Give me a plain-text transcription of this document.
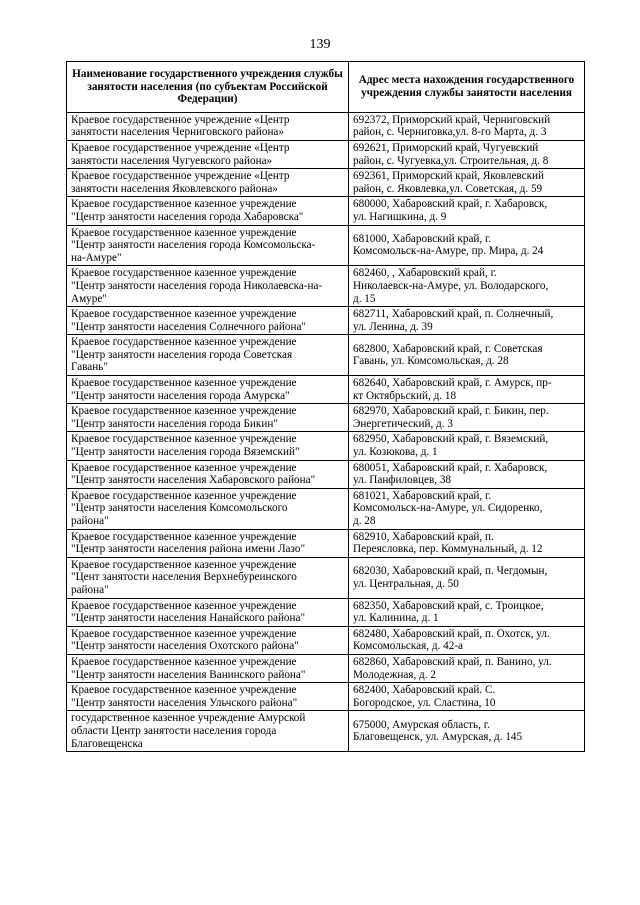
139
Наименование государственного учреждения службы занятости населения (по субъектам Российской Федерации)	Адрес места нахождения государственного учреждения службы занятости населения
Краевое государственное учреждение «Центр
занятости населения Черниговского района»	692372, Приморский край, Черниговский
район, с. Черниговка,ул. 8-го Марта, д. 3
Краевое государственное учреждение «Центр
занятости населения Чугуевского района»	692621, Приморский край, Чугуевский
район, с. Чугуевка,ул. Строительная, д. 8
Краевое государственное учреждение «Центр
занятости населения Яковлевского района»	692361, Приморский край, Яковлевский
район, с. Яковлевка,ул. Советская, д. 59
Краевое государственное казенное учреждение
"Центр занятости населения города Хабаровска"	680000, Хабаровский край, г. Хабаровск,
ул. Нагишкина, д. 9
Краевое государственное казенное учреждение
"Центр занятости населения города Комсомольска-
на-Амуре"	681000, Хабаровский край, г.
Комсомольск-на-Амуре, пр. Мира, д. 24
Краевое государственное казенное учреждение
"Центр занятости населения города Николаевска-на-
Амуре"	682460, , Хабаровский край, г.
Николаевск-на-Амуре, ул. Володарского,
д. 15
Краевое государственное казенное учреждение
"Центр занятости населения Солнечного района"	682711, Хабаровский край, п. Солнечный,
ул. Ленина, д. 39
Краевое государственное казенное учреждение
"Центр занятости населения города Советская
Гавань"	682800, Хабаровский край, г. Советская
Гавань, ул. Комсомольская, д. 28
Краевое государственное казенное учреждение
"Центр занятости населения города Амурска"	682640, Хабаровский край, г. Амурск, пр-
кт Октябрьский, д. 18
Краевое государственное казенное учреждение
"Центр занятости населения города Бикин"	682970, Хабаровский край, г. Бикин, пер.
Энергетический, д. 3
Краевое государственное казенное учреждение
"Центр занятости населения города Вяземский"	682950, Хабаровский край, г. Вяземский,
ул. Козюкова, д. 1
Краевое государственное казенное учреждение
"Центр занятости населения Хабаровского района"	680051, Хабаровский край, г. Хабаровск,
ул. Панфиловцев, 38
Краевое государственное казенное учреждение
"Центр занятости населения Комсомольского
района"	681021, Хабаровский край, г.
Комсомольск-на-Амуре, ул. Сидоренко,
д. 28
Краевое государственное казенное учреждение
"Центр занятости населения района имени Лазо"	682910, Хабаровский край, п.
Переясловка, пер. Коммунальный, д. 12
Краевое государственное казенное учреждение
"Цент занятости населения Верхнебуреинского
района"	682030, Хабаровский край, п. Чегдомын,
ул. Центральная, д. 50
Краевое государственное казенное учреждение
"Центр занятости населения Нанайского района"	682350, Хабаровский край, с. Троицкое,
ул. Калинина, д. 1
Краевое государственное казенное учреждение
"Центр занятости населения Охотского района"	682480, Хабаровский край, п. Охотск, ул.
Комсомольская, д. 42-а
Краевое государственное казенное учреждение
"Центр занятости населения Ванинского района"	682860, Хабаровский край, п. Ванино, ул.
Молодежная, д. 2
Краевое государственное казенное учреждение
"Центр занятости населения Ульчского района"	682400, Хабаровский край. С.
Богородское, ул. Сластина, 10
государственное казенное учреждение Амурской
области Центр занятости населения города
Благовещенска	675000, Амурская область, г.
Благовещенск, ул. Амурская, д. 145
